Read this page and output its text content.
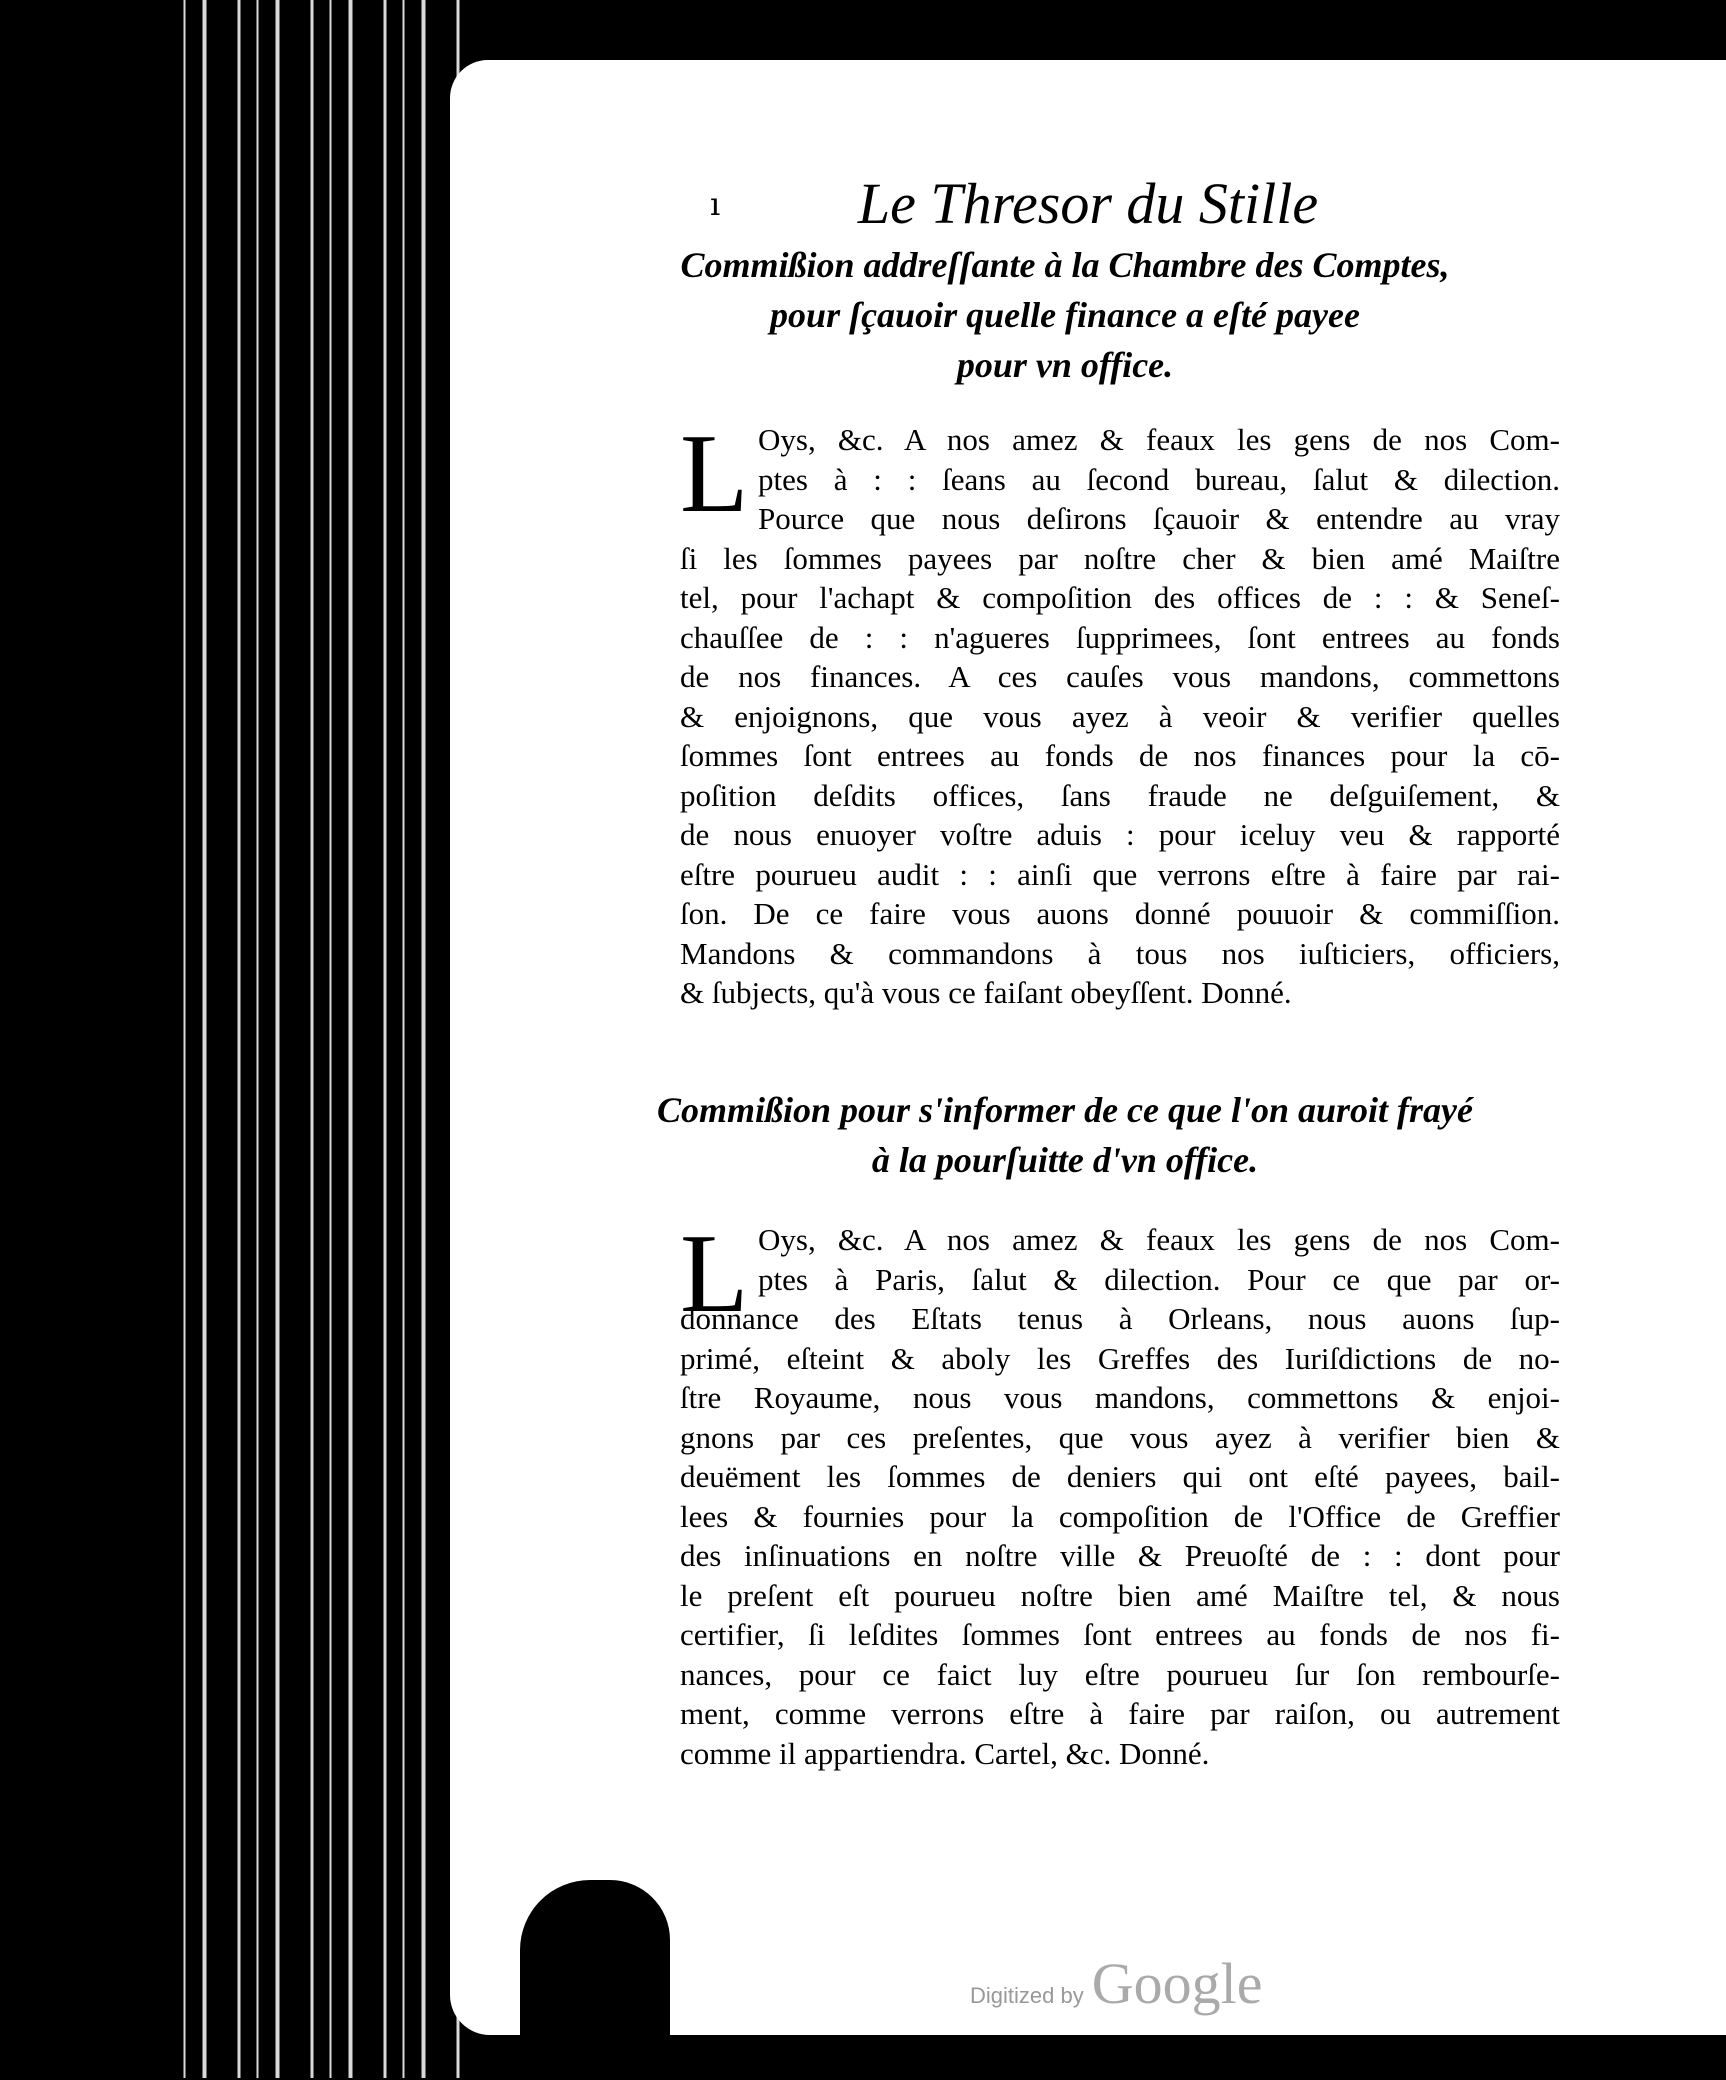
ı	Le Thresor du Stille
Commißion addreſſante à la Chambre des Comptes,
pour ſçauoir quelle finance a eſté payee
pour vn office.
L Oys, &c. A nos amez & feaux les gens de nos Com-
ptes à : : ſeans au ſecond bureau, ſalut & dilection.
Pource que nous deſirons ſçauoir & entendre au vray
ſi les ſommes payees par noſtre cher & bien amé Maiſtre
tel, pour l'achapt & compoſition des offices de : : & Seneſ-
chauſſee de : : n'agueres ſupprimees, ſont entrees au fonds
de nos finances. A ces cauſes vous mandons, commettons
& enjoignons, que vous ayez à veoir & verifier quelles
ſommes ſont entrees au fonds de nos finances pour la cō-
poſition deſdits offices, ſans fraude ne deſguiſement, &
de nous enuoyer voſtre aduis : pour iceluy veu & rapporté
eſtre pourueu audit : : ainſi que verrons eſtre à faire par rai-
ſon. De ce faire vous auons donné pouuoir & commiſſion.
Mandons & commandons à tous nos iuſticiers, officiers,
& ſubjects, qu'à vous ce faiſant obeyſſent. Donné.
Commißion pour s'informer de ce que l'on auroit frayé
à la pourſuitte d'vn office.
L Oys, &c. A nos amez & feaux les gens de nos Com-
ptes à Paris, ſalut & dilection. Pour ce que par or-
donnance des Eſtats tenus à Orleans, nous auons ſup-
primé, eſteint & aboly les Greffes des Iuriſdictions de no-
ſtre Royaume, nous vous mandons, commettons & enjoi-
gnons par ces preſentes, que vous ayez à verifier bien &
deuëment les ſommes de deniers qui ont eſté payees, bail-
lees & fournies pour la compoſition de l'Office de Greffier
des inſinuations en noſtre ville & Preuoſté de : : dont pour
le preſent eſt pourueu noſtre bien amé Maiſtre tel, & nous
certifier, ſi leſdites ſommes ſont entrees au fonds de nos fi-
nances, pour ce faict luy eſtre pourueu ſur ſon rembourſe-
ment, comme verrons eſtre à faire par raiſon, ou autrement
comme il appartiendra. Cartel, &c. Donné.
Digitized by Google
